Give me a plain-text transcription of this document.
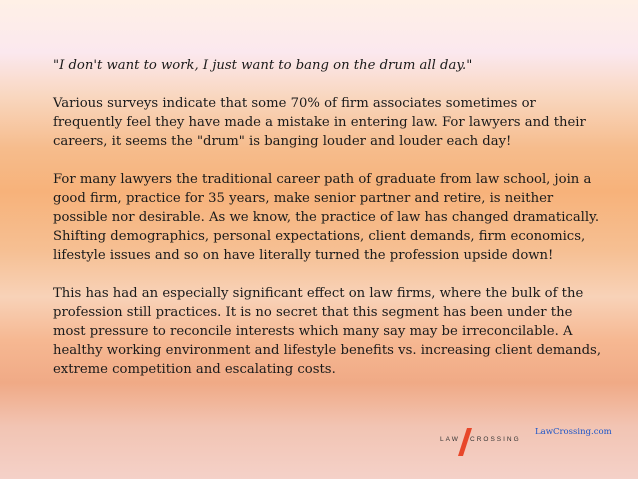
"I don't want to work, I just want to bang on the drum all day."

Various surveys indicate that some 70% of firm associates sometimes or frequently feel they have made a mistake in entering law. For lawyers and their careers, it seems the "drum" is banging louder and louder each day!

For many lawyers the traditional career path of graduate from law school, join a good firm, practice for 35 years, make senior partner and retire, is neither possible nor desirable. As we know, the practice of law has changed dramatically. Shifting demographics, personal expectations, client demands, firm economics, lifestyle issues and so on have literally turned the profession upside down!

This has had an especially significant effect on law firms, where the bulk of the profession still practices. It is no secret that this segment has been under the most pressure to reconcile interests which many say may be irreconcilable. A healthy working environment and lifestyle benefits vs. increasing client demands, extreme competition and escalating costs.

LAW CROSSING
LawCrossing.com
